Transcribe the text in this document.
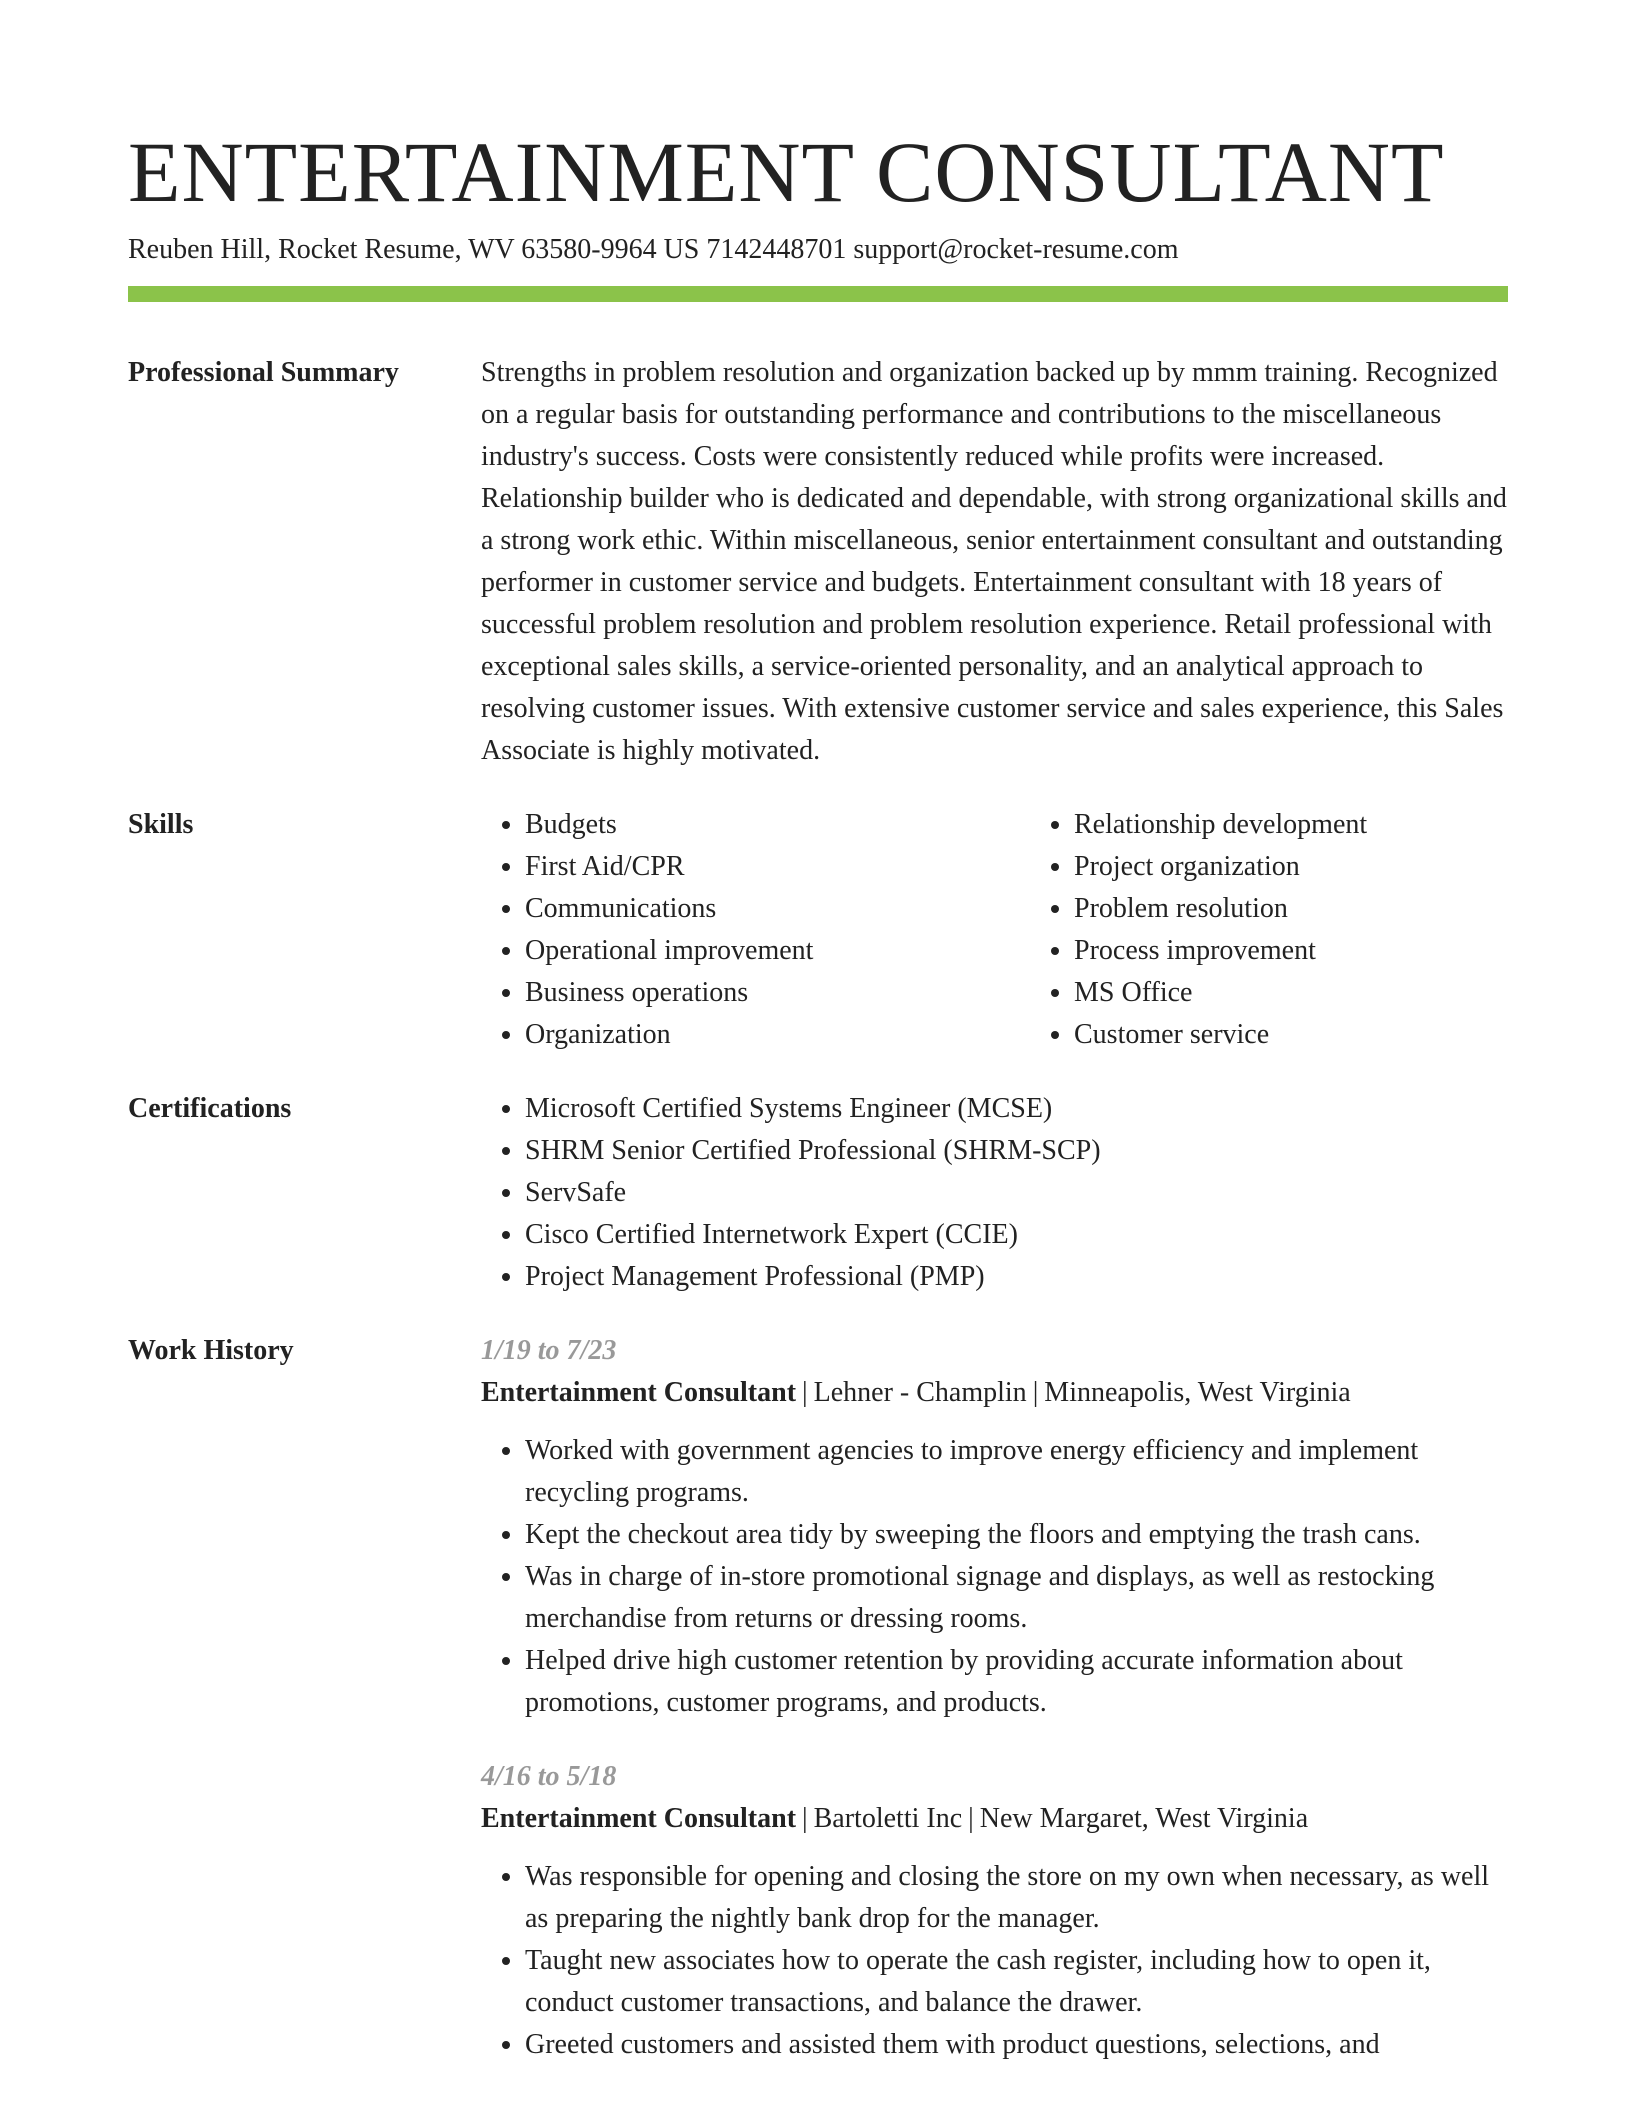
ENTERTAINMENT CONSULTANT
Reuben Hill, Rocket Resume, WV 63580-9964 US 7142448701 support@rocket-resume.com
Professional Summary	Strengths in problem resolution and organization backed up by mmm training. Recognized on a regular basis for outstanding performance and contributions to the miscellaneous industry's success. Costs were consistently reduced while profits were increased. Relationship builder who is dedicated and dependable, with strong organizational skills and a strong work ethic. Within miscellaneous, senior entertainment consultant and outstanding performer in customer service and budgets. Entertainment consultant with 18 years of successful problem resolution and problem resolution experience. Retail professional with exceptional sales skills, a service-oriented personality, and an analytical approach to resolving customer issues. With extensive customer service and sales experience, this Sales Associate is highly motivated.
Skills	• Budgets
• First Aid/CPR
• Communications
• Operational improvement
• Business operations
• Organization
• Relationship development
• Project organization
• Problem resolution
• Process improvement
• MS Office
• Customer service
Certifications	• Microsoft Certified Systems Engineer (MCSE)
• SHRM Senior Certified Professional (SHRM-SCP)
• ServSafe
• Cisco Certified Internetwork Expert (CCIE)
• Project Management Professional (PMP)
Work History	1/19 to 7/23
Entertainment Consultant | Lehner - Champlin | Minneapolis, West Virginia
• Worked with government agencies to improve energy efficiency and implement recycling programs.
• Kept the checkout area tidy by sweeping the floors and emptying the trash cans.
• Was in charge of in-store promotional signage and displays, as well as restocking merchandise from returns or dressing rooms.
• Helped drive high customer retention by providing accurate information about promotions, customer programs, and products.
4/16 to 5/18
Entertainment Consultant | Bartoletti Inc | New Margaret, West Virginia
• Was responsible for opening and closing the store on my own when necessary, as well as preparing the nightly bank drop for the manager.
• Taught new associates how to operate the cash register, including how to open it, conduct customer transactions, and balance the drawer.
• Greeted customers and assisted them with product questions, selections, and
